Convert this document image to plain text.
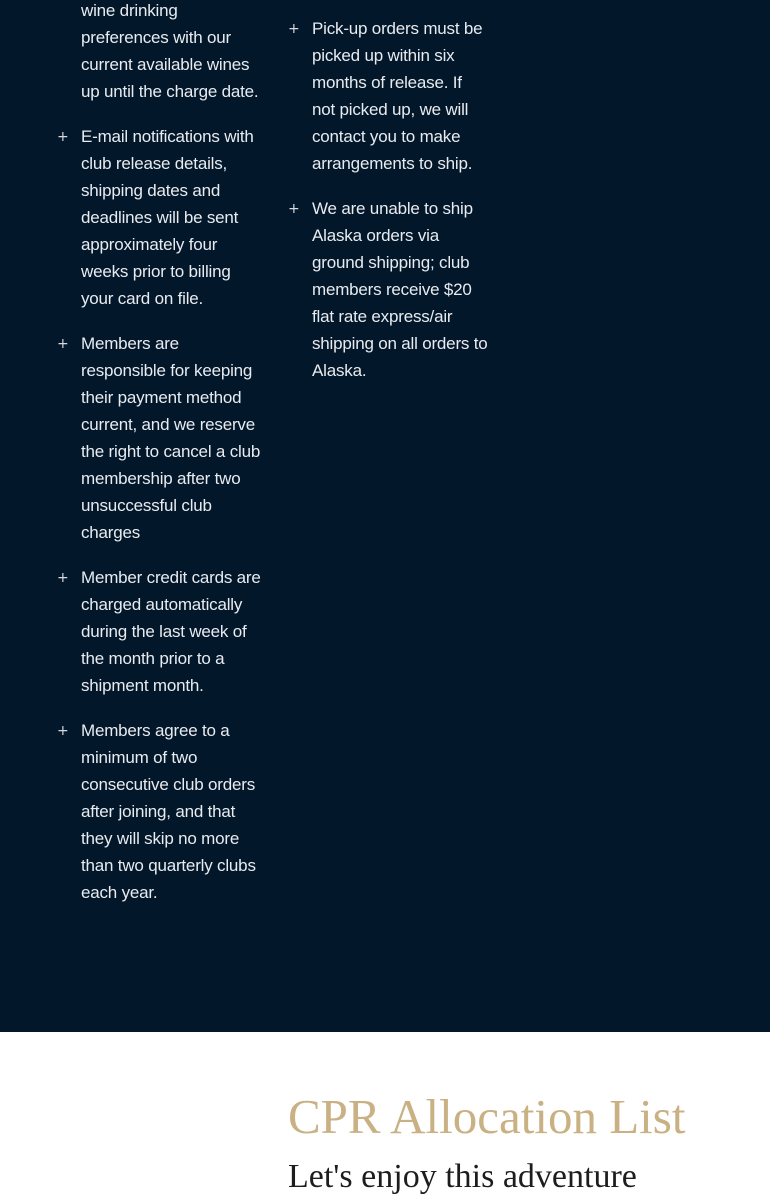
wine drinking preferences with our current available wines up until the charge date.
+ E-mail notifications with club release details, shipping dates and deadlines will be sent approximately four weeks prior to billing your card on file.
+ Members are responsible for keeping their payment method current, and we reserve the right to cancel a club membership after two unsuccessful club charges
+ Member credit cards are charged automatically during the last week of the month prior to a shipment month.
+ Members agree to a minimum of two consecutive club orders after joining, and that they will skip no more than two quarterly clubs each year.
+ Pick-up orders must be picked up within six months of release. If not picked up, we will contact you to make arrangements to ship.
+ We are unable to ship Alaska orders via ground shipping; club members receive $20 flat rate express/air shipping on all orders to Alaska.
CPR Allocation List

Let's enjoy this adventure
